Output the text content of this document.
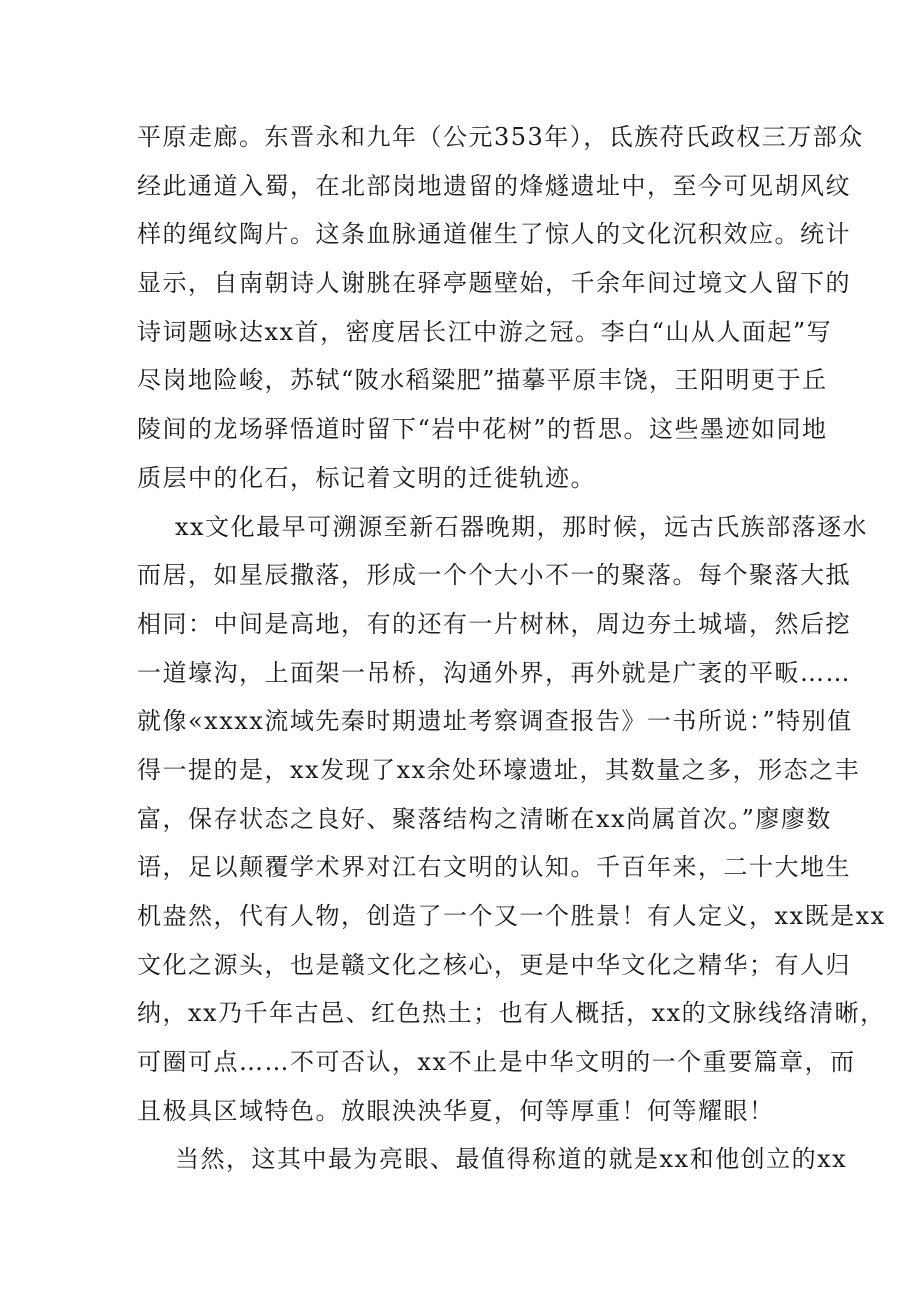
平原走廊。东晋永和九年（公元353年），氐族苻氏政权三万部众
经此通道入蜀，在北部岗地遗留的烽燧遗址中，至今可见胡风纹
样的绳纹陶片。这条血脉通道催生了惊人的文化沉积效应。统计
显示，自南朝诗人谢朓在驿亭题壁始，千余年间过境文人留下的
诗词题咏达xx首，密度居长江中游之冠。李白“山从人面起”写
尽岗地险峻，苏轼“陂水稻粱肥”描摹平原丰饶，王阳明更于丘
陵间的龙场驿悟道时留下“岩中花树”的哲思。这些墨迹如同地
质层中的化石，标记着文明的迁徙轨迹。
xx文化最早可溯源至新石器晚期，那时候，远古氏族部落逐水
而居，如星辰撒落，形成一个个大小不一的聚落。每个聚落大抵
相同：中间是高地，有的还有一片树林，周边夯土城墙，然后挖
一道壕沟，上面架一吊桥，沟通外界，再外就是广袤的平畈……
就像«xxxx流域先秦时期遗址考察调查报告》一书所说：”特别值
得一提的是，xx发现了xx余处环壕遗址，其数量之多，形态之丰
富，保存状态之良好、聚落结构之清晰在xx尚属首次。”廖廖数
语，足以颠覆学术界对江右文明的认知。千百年来，二十大地生
机盎然，代有人物，创造了一个又一个胜景！有人定义，xx既是xx
文化之源头，也是赣文化之核心，更是中华文化之精华；有人归
纳，xx乃千年古邑、红色热土；也有人概括，xx的文脉线络清晰，
可圈可点……不可否认，xx不止是中华文明的一个重要篇章，而
且极具区域特色。放眼泱泱华夏，何等厚重！何等耀眼！
当然，这其中最为亮眼、最值得称道的就是xx和他创立的xx
